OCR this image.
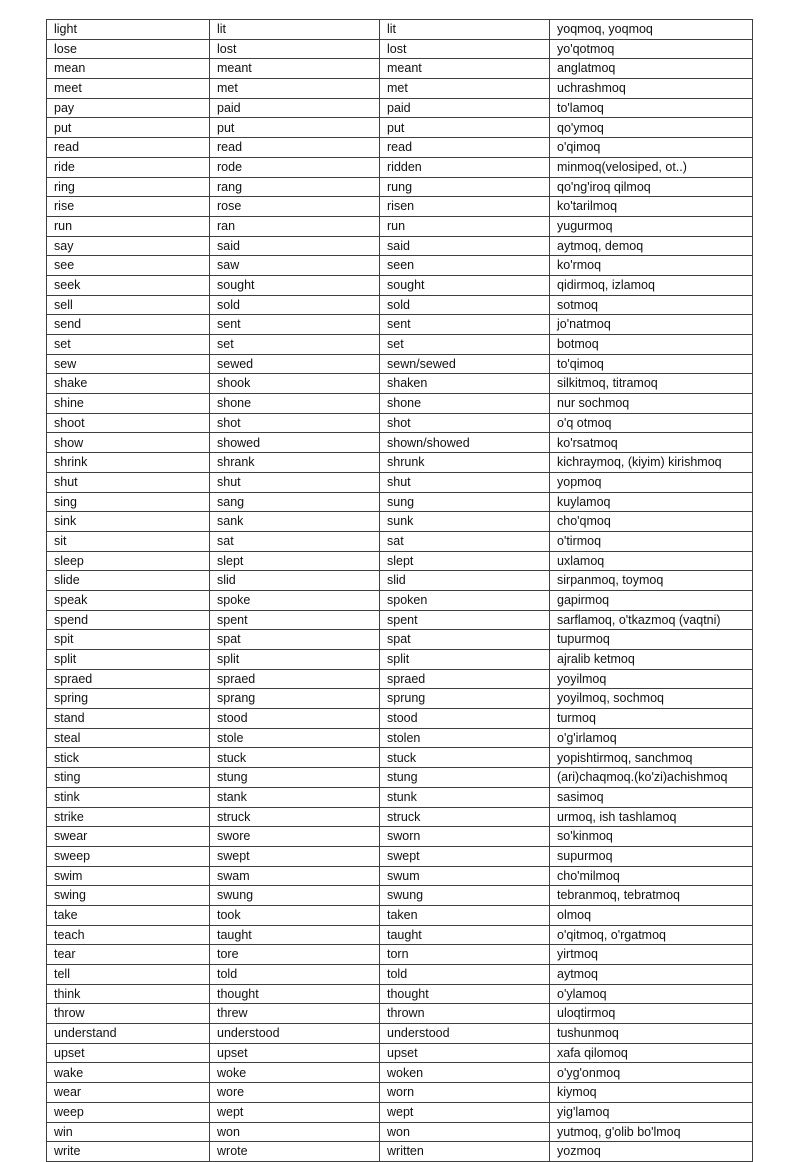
light	lit	lit	yoqmoq, yoqmoq
lose	lost	lost	yo'qotmoq
mean	meant	meant	anglatmoq
meet	met	met	uchrashmoq
pay	paid	paid	to'lamoq
put	put	put	qo'ymoq
read	read	read	o'qimoq
ride	rode	ridden	minmoq(velosiped, ot..)
ring	rang	rung	qo'ng'iroq qilmoq
rise	rose	risen	ko'tarilmoq
run	ran	run	yugurmoq
say	said	said	aytmoq, demoq
see	saw	seen	ko'rmoq
seek	sought	sought	qidirmoq, izlamoq
sell	sold	sold	sotmoq
send	sent	sent	jo'natmoq
set	set	set	botmoq
sew	sewed	sewn/sewed	to'qimoq
shake	shook	shaken	silkitmoq, titramoq
shine	shone	shone	nur sochmoq
shoot	shot	shot	o'q otmoq
show	showed	shown/showed	ko'rsatmoq
shrink	shrank	shrunk	kichraymoq, (kiyim) kirishmoq
shut	shut	shut	yopmoq
sing	sang	sung	kuylamoq
sink	sank	sunk	cho'qmoq
sit	sat	sat	o'tirmoq
sleep	slept	slept	uxlamoq
slide	slid	slid	sirpanmoq, toymoq
speak	spoke	spoken	gapirmoq
spend	spent	spent	sarflamoq, o'tkazmoq (vaqtni)
spit	spat	spat	tupurmoq
split	split	split	ajralib ketmoq
spraed	spraed	spraed	yoyilmoq
spring	sprang	sprung	yoyilmoq, sochmoq
stand	stood	stood	turmoq
steal	stole	stolen	o'g'irlamoq
stick	stuck	stuck	yopishtirmoq, sanchmoq
sting	stung	stung	(ari)chaqmoq.(ko'zi)achishmoq
stink	stank	stunk	sasimoq
strike	struck	struck	urmoq, ish tashlamoq
swear	swore	sworn	so'kinmoq
sweep	swept	swept	supurmoq
swim	swam	swum	cho'milmoq
swing	swung	swung	tebranmoq, tebratmoq
take	took	taken	olmoq
teach	taught	taught	o'qitmoq, o'rgatmoq
tear	tore	torn	yirtmoq
tell	told	told	aytmoq
think	thought	thought	o'ylamoq
throw	threw	thrown	uloqtirmoq
understand	understood	understood	tushunmoq
upset	upset	upset	xafa qilomoq
wake	woke	woken	o'yg'onmoq
wear	wore	worn	kiymoq
weep	wept	wept	yig'lamoq
win	won	won	yutmoq, g'olib bo'lmoq
write	wrote	written	yozmoq
